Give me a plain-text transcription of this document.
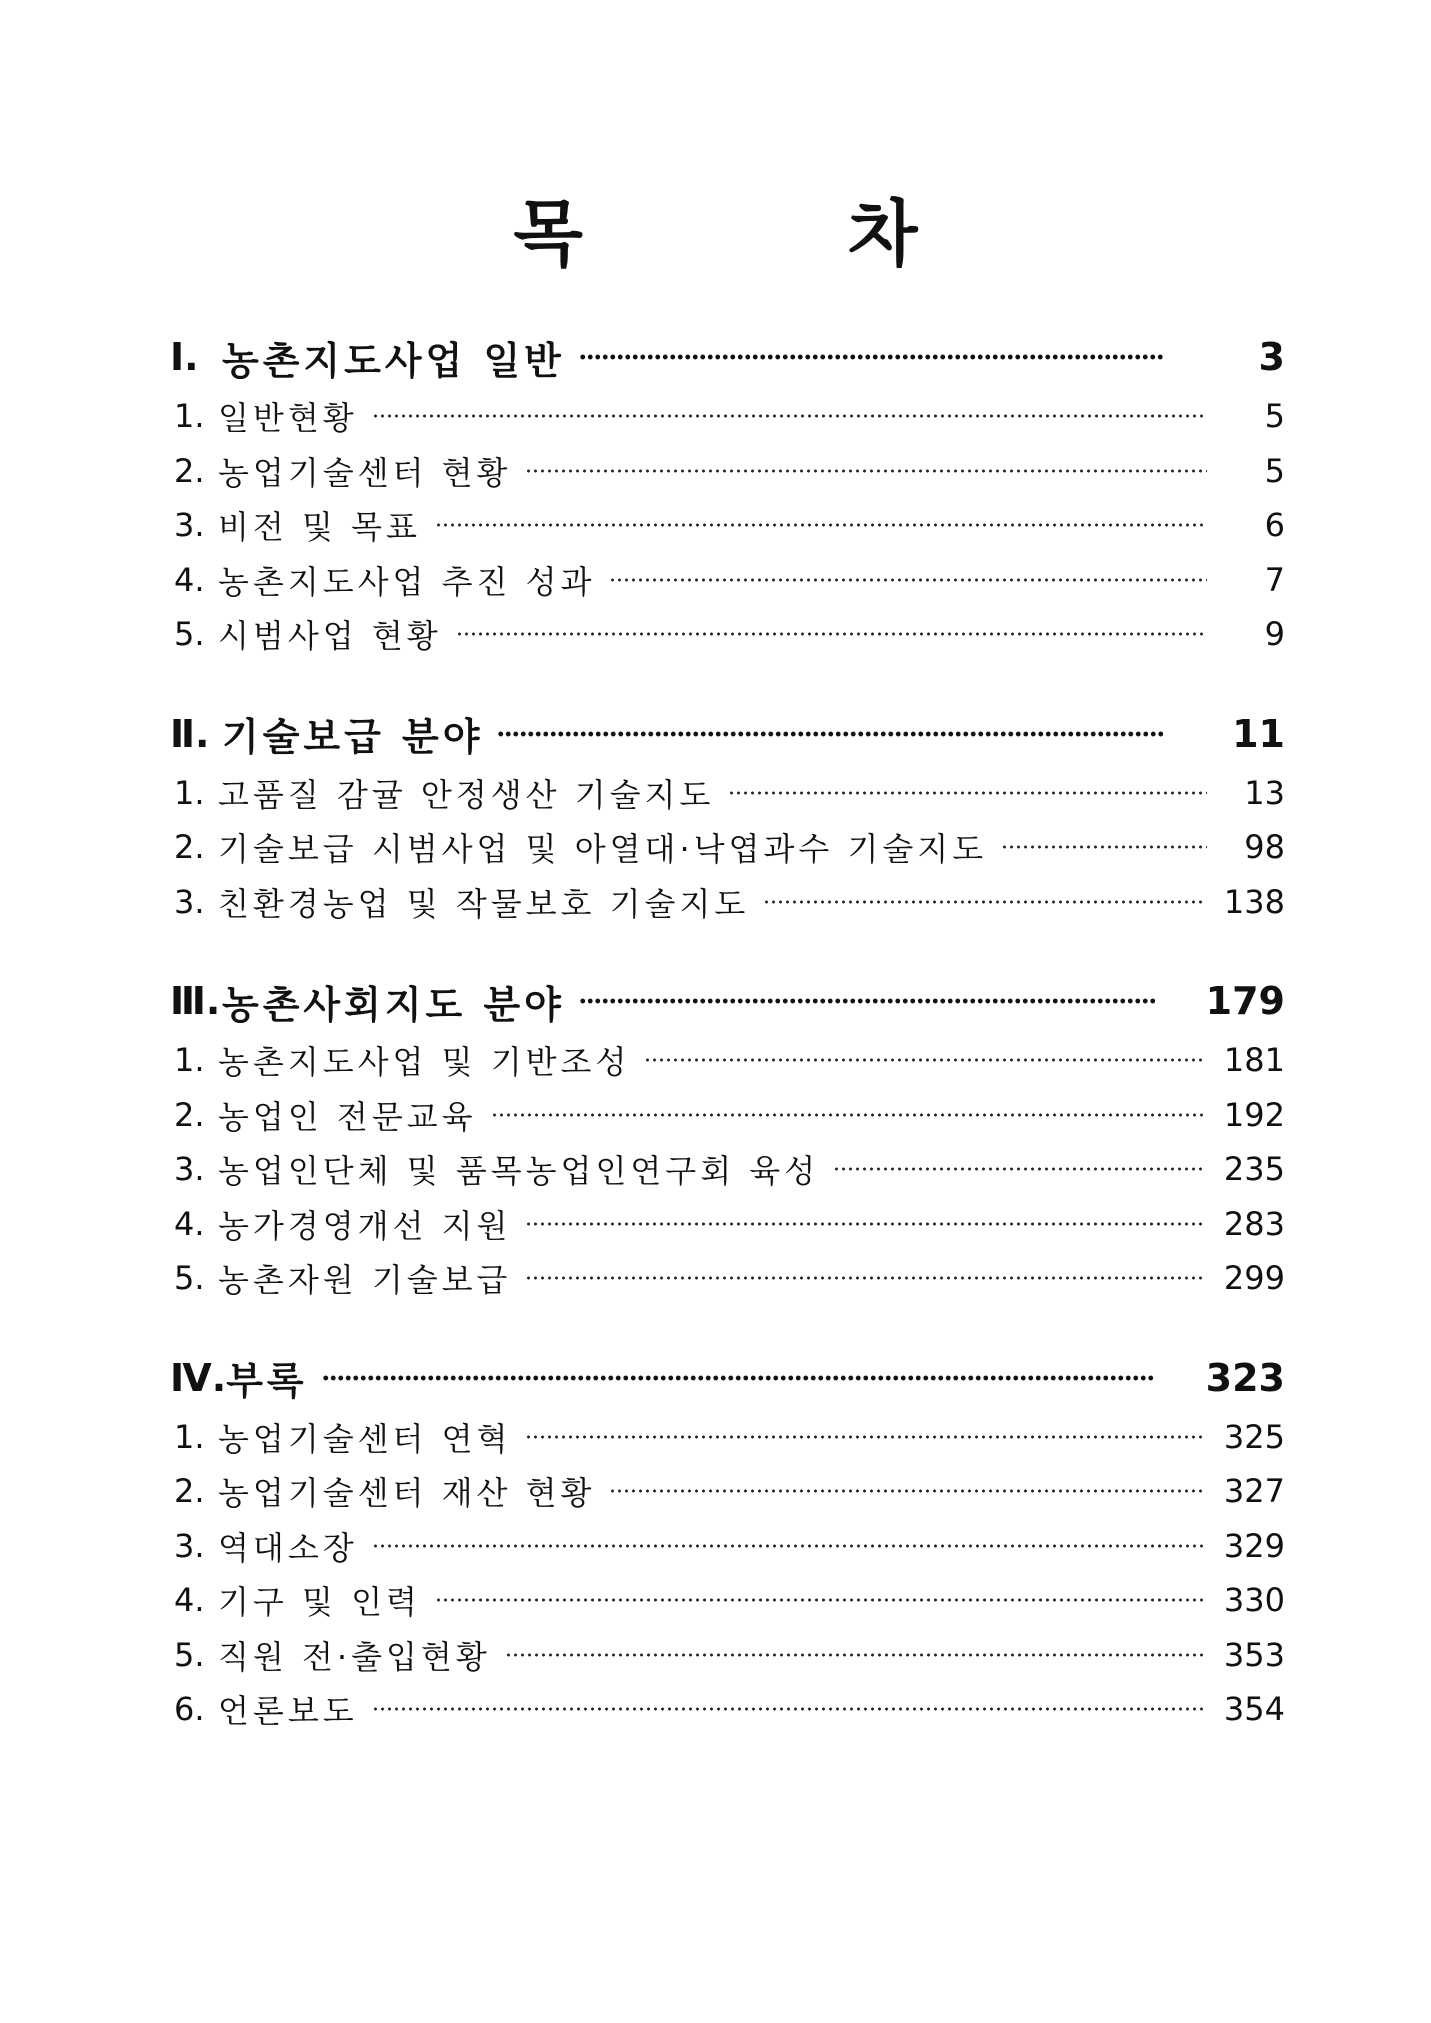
목 차
Ⅰ. 농촌지도사업 일반	3
1. 일반현황	5
2. 농업기술센터 현황	5
3. 비전 및 목표	6
4. 농촌지도사업 추진 성과	7
5. 시범사업 현황	9
Ⅱ. 기술보급 분야	11
1. 고품질 감귤 안정생산 기술지도	13
2. 기술보급 시범사업 및 아열대·낙엽과수 기술지도	98
3. 친환경농업 및 작물보호 기술지도	138
Ⅲ. 농촌사회지도 분야	179
1. 농촌지도사업 및 기반조성	181
2. 농업인 전문교육	192
3. 농업인단체 및 품목농업인연구회 육성	235
4. 농가경영개선 지원	283
5. 농촌자원 기술보급	299
Ⅳ. 부록	323
1. 농업기술센터 연혁	325
2. 농업기술센터 재산 현황	327
3. 역대소장	329
4. 기구 및 인력	330
5. 직원 전·출입현황	353
6. 언론보도	354
